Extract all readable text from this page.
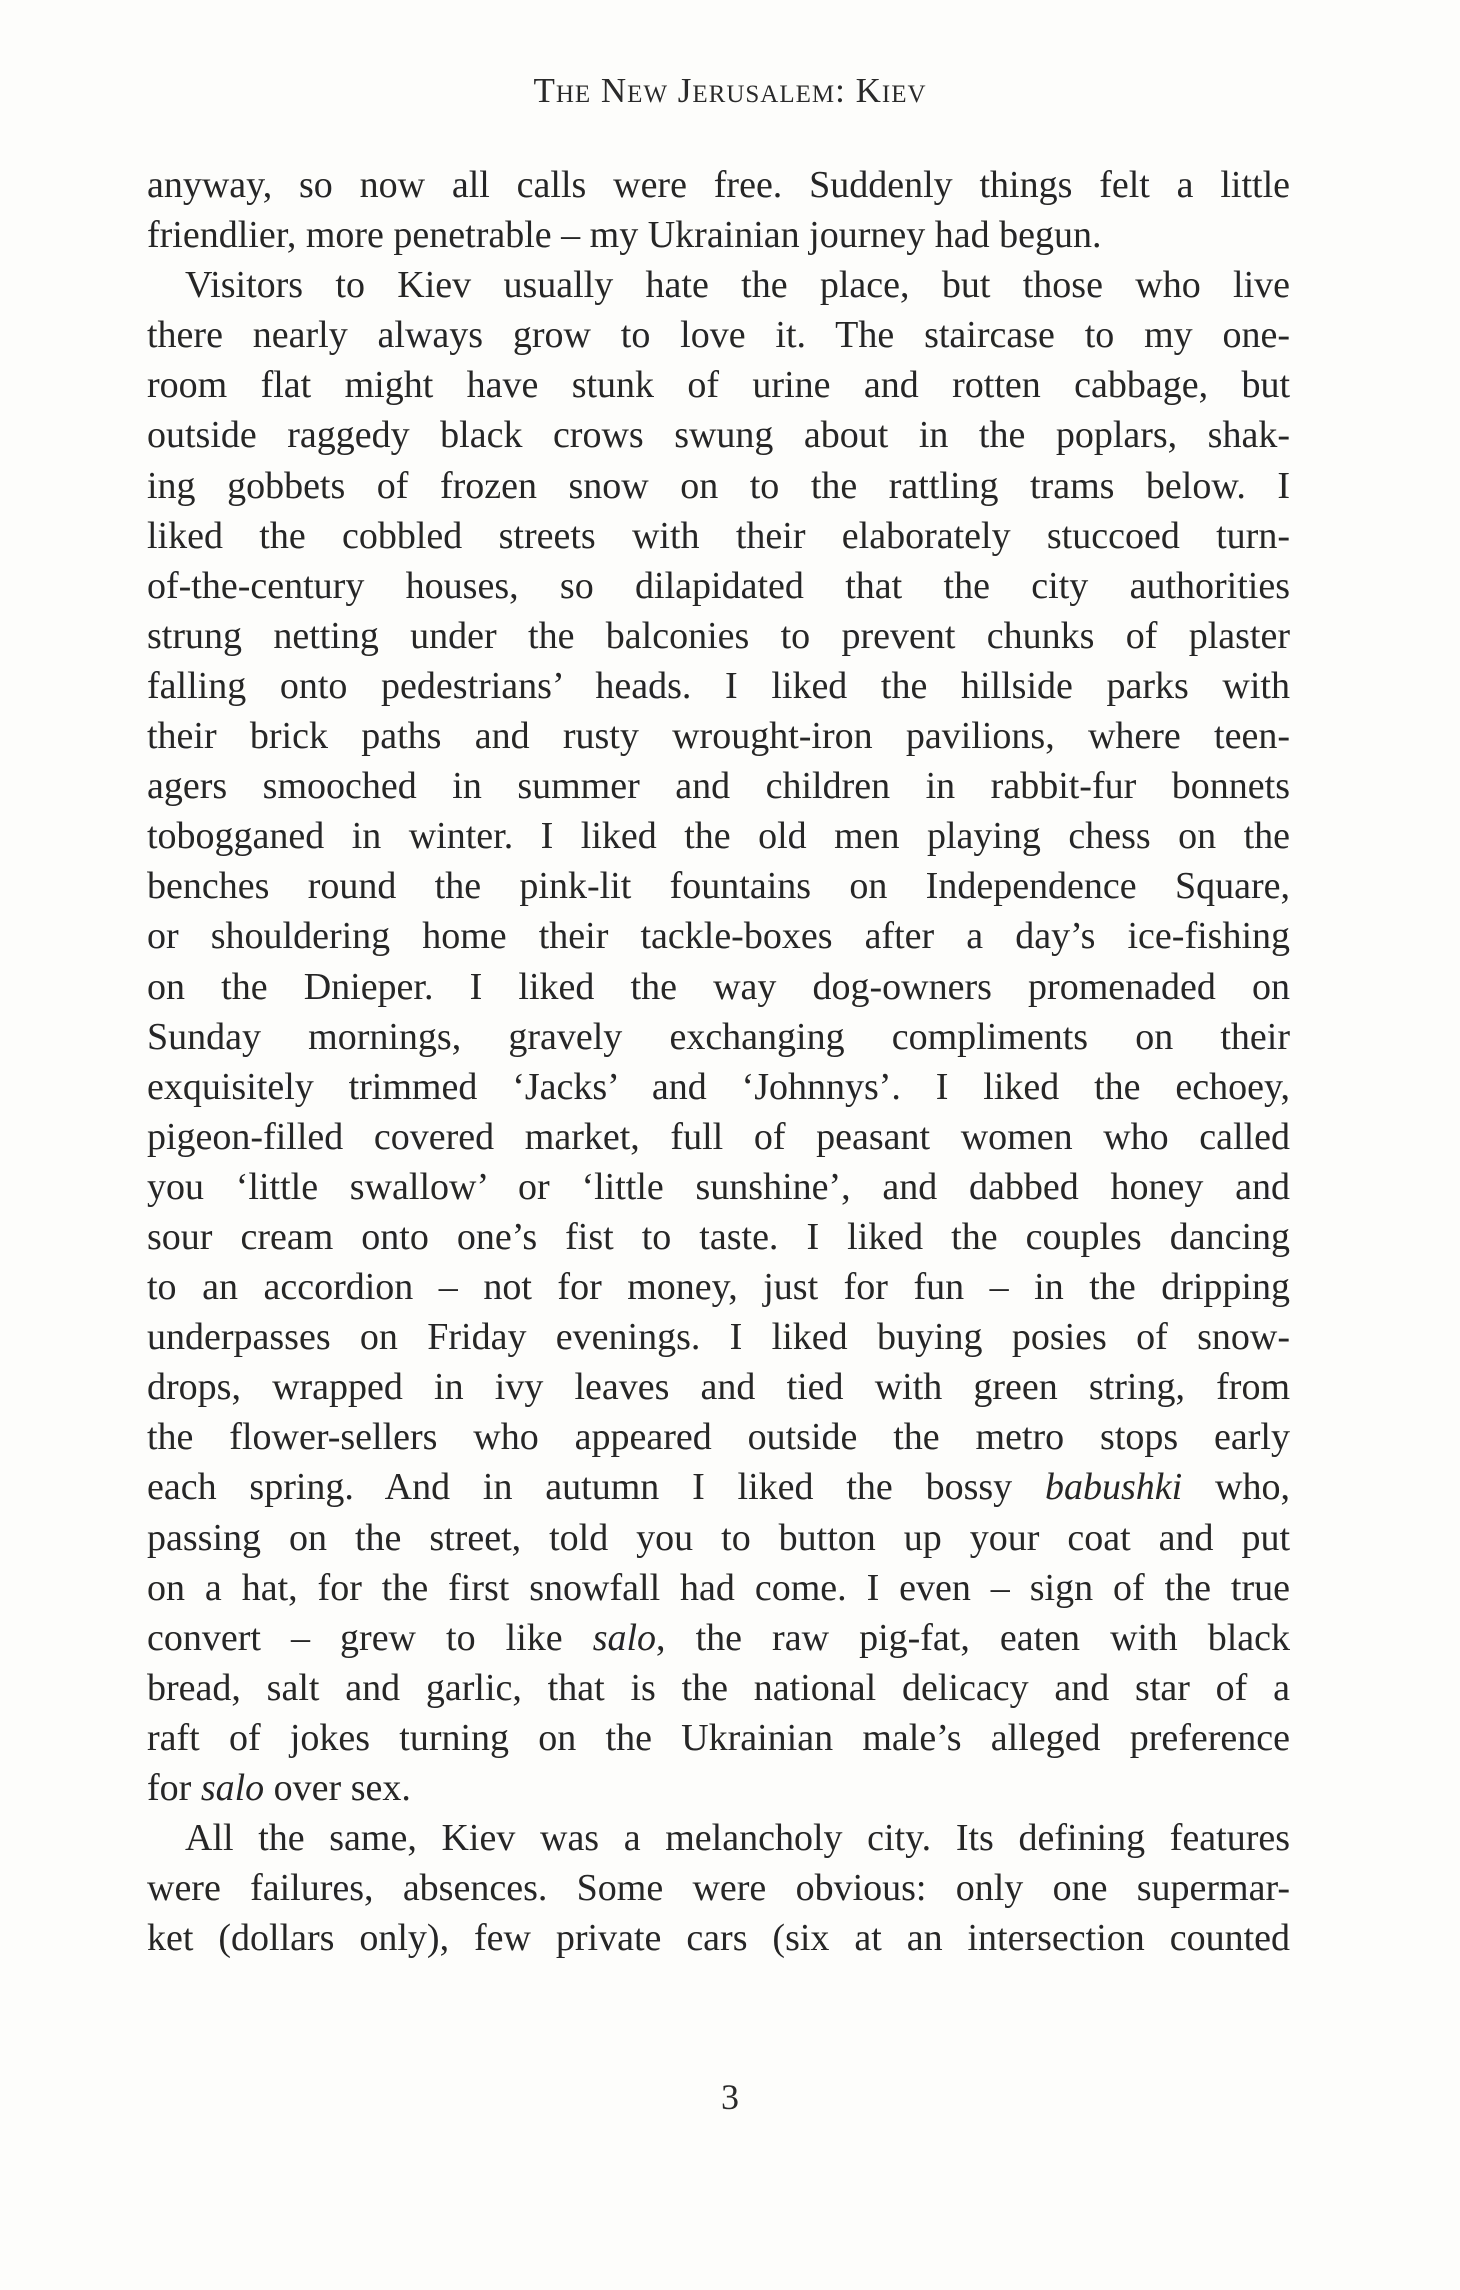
The New Jerusalem: Kiev
anyway, so now all calls were free. Suddenly things felt a little
friendlier, more penetrable – my Ukrainian journey had begun.
Visitors to Kiev usually hate the place, but those who live
there nearly always grow to love it. The staircase to my one-
room flat might have stunk of urine and rotten cabbage, but
outside raggedy black crows swung about in the poplars, shak-
ing gobbets of frozen snow on to the rattling trams below. I
liked the cobbled streets with their elaborately stuccoed turn-
of-the-century houses, so dilapidated that the city authorities
strung netting under the balconies to prevent chunks of plaster
falling onto pedestrians’ heads. I liked the hillside parks with
their brick paths and rusty wrought-iron pavilions, where teen-
agers smooched in summer and children in rabbit-fur bonnets
tobogganed in winter. I liked the old men playing chess on the
benches round the pink-lit fountains on Independence Square,
or shouldering home their tackle-boxes after a day’s ice-fishing
on the Dnieper. I liked the way dog-owners promenaded on
Sunday mornings, gravely exchanging compliments on their
exquisitely trimmed ‘Jacks’ and ‘Johnnys’. I liked the echoey,
pigeon-filled covered market, full of peasant women who called
you ‘little swallow’ or ‘little sunshine’, and dabbed honey and
sour cream onto one’s fist to taste. I liked the couples dancing
to an accordion – not for money, just for fun – in the dripping
underpasses on Friday evenings. I liked buying posies of snow-
drops, wrapped in ivy leaves and tied with green string, from
the flower-sellers who appeared outside the metro stops early
each spring. And in autumn I liked the bossy babushki who,
passing on the street, told you to button up your coat and put
on a hat, for the first snowfall had come. I even – sign of the true
convert – grew to like salo, the raw pig-fat, eaten with black
bread, salt and garlic, that is the national delicacy and star of a
raft of jokes turning on the Ukrainian male’s alleged preference
for salo over sex.
All the same, Kiev was a melancholy city. Its defining features
were failures, absences. Some were obvious: only one supermar-
ket (dollars only), few private cars (six at an intersection counted
3
